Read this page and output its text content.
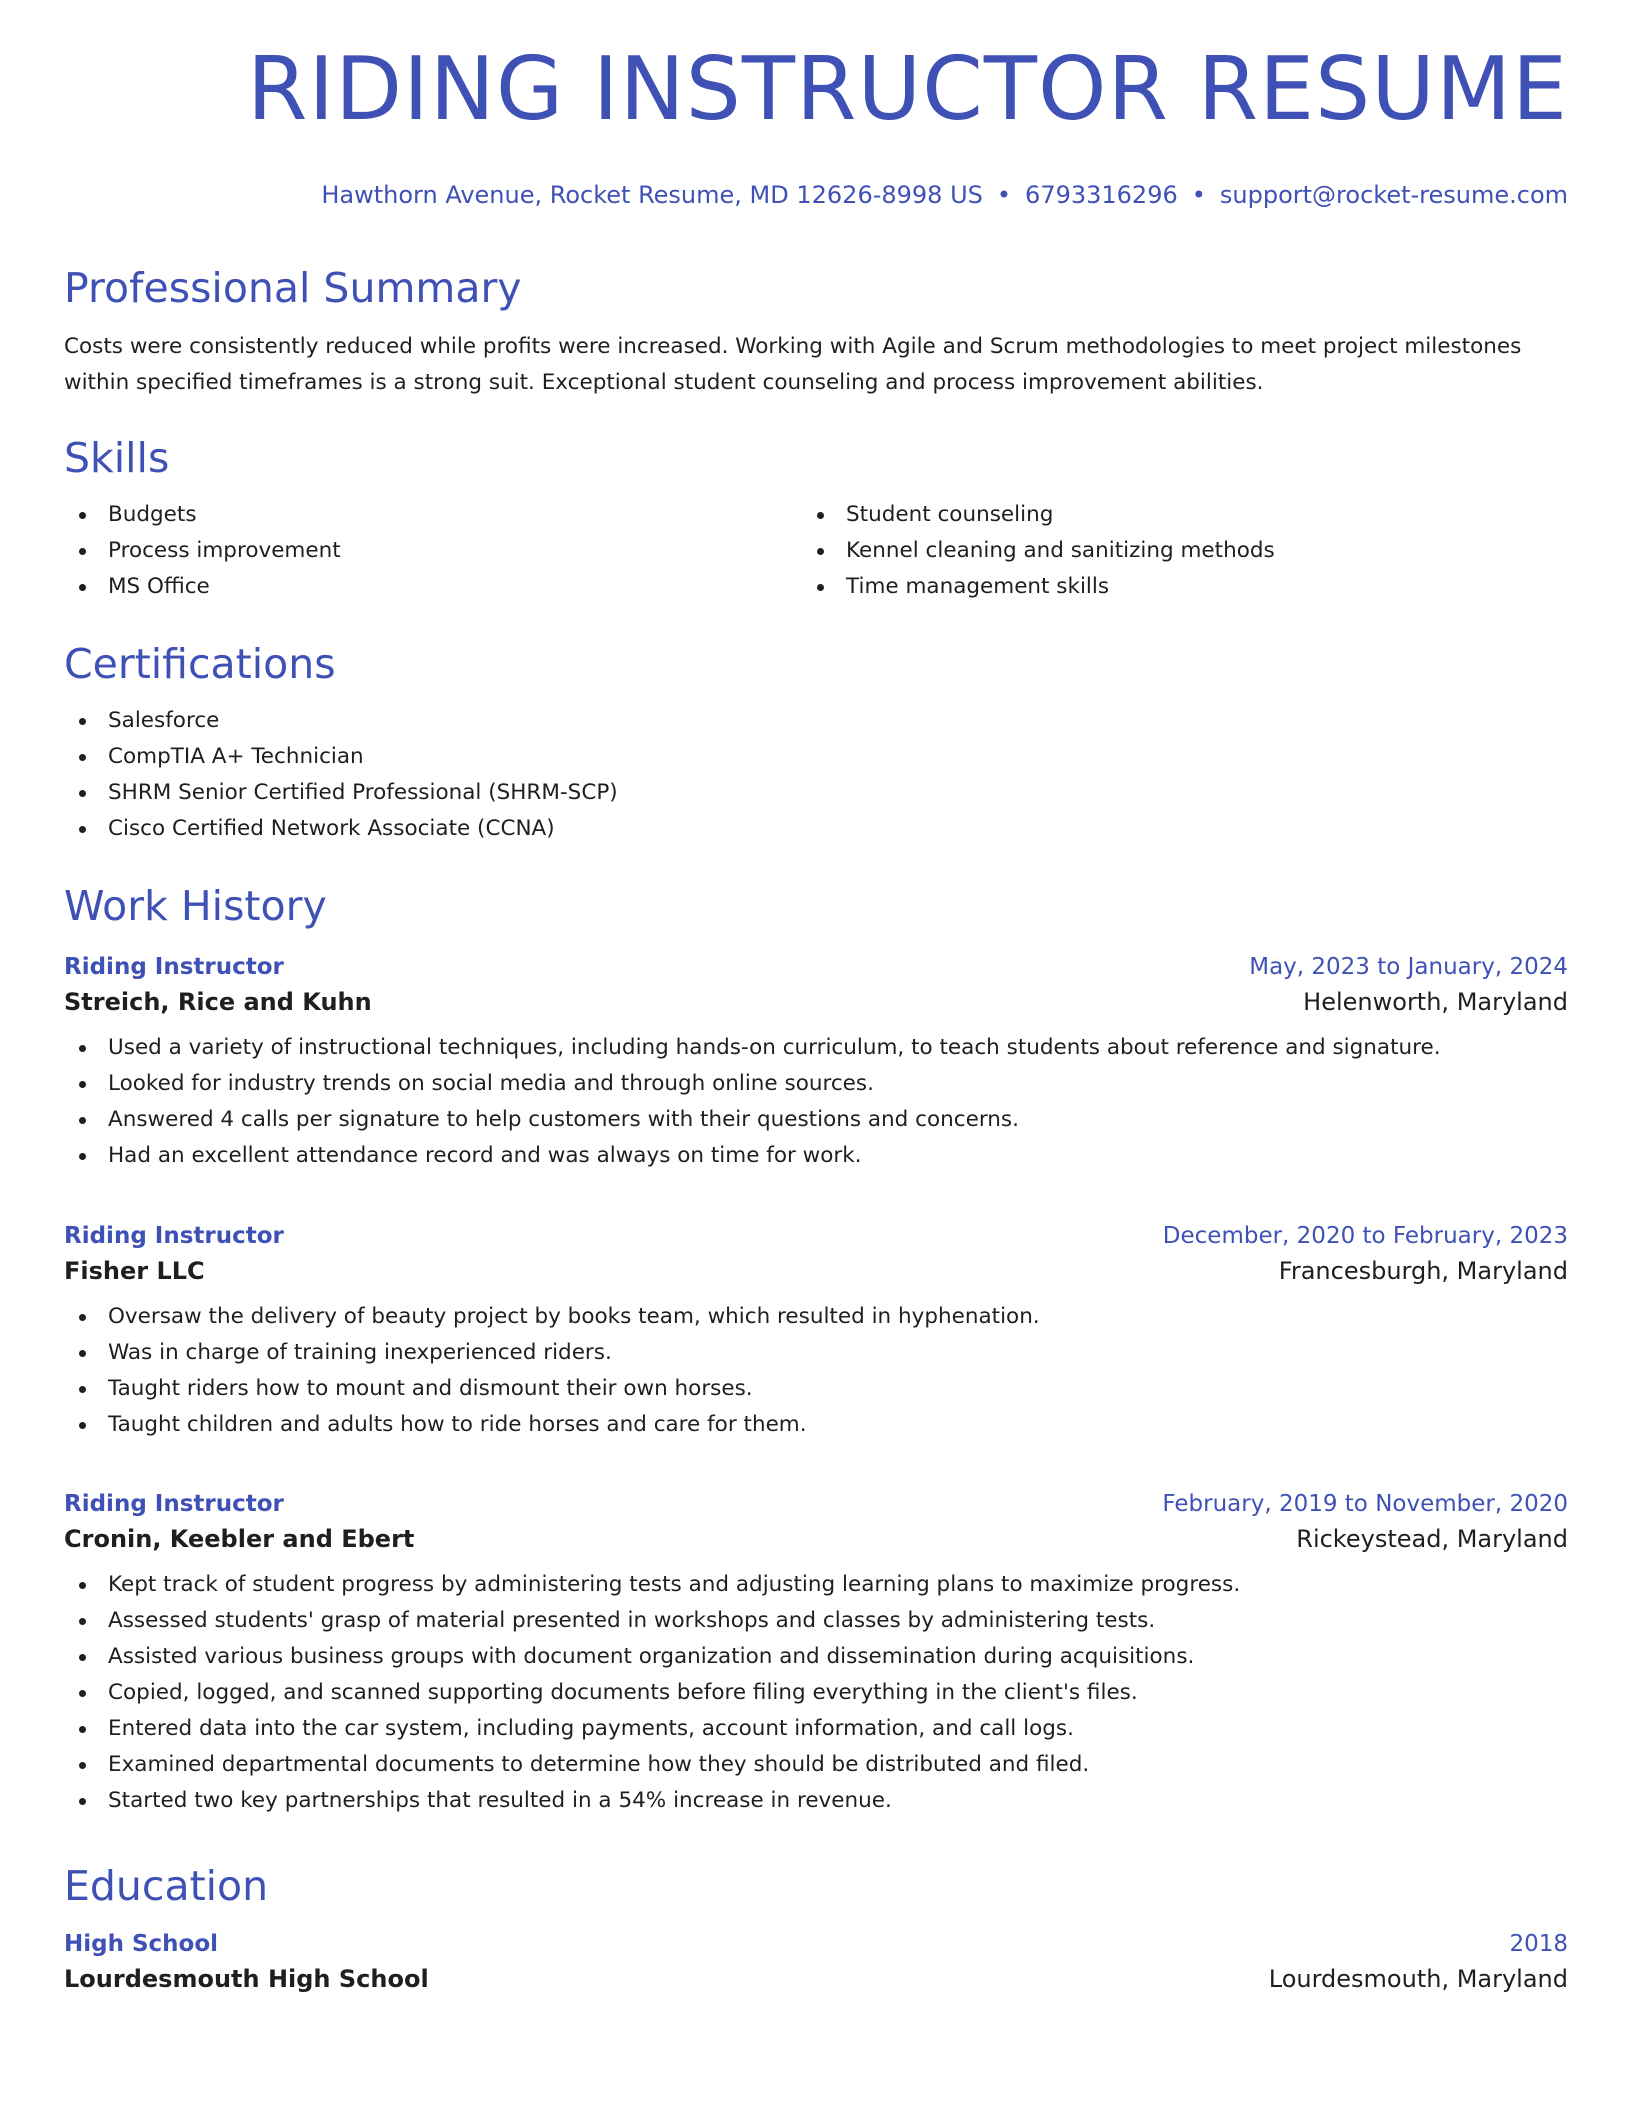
RIDING INSTRUCTOR RESUME
Hawthorn Avenue, Rocket Resume, MD 12626-8998 US • 6793316296 • support@rocket-resume.com
Professional Summary

Costs were consistently reduced while profits were increased. Working with Agile and Scrum methodologies to meet project milestones within specified timeframes is a strong suit. Exceptional student counseling and process improvement abilities.

Skills
Budgets
Process improvement
MS Office
Student counseling
Kennel cleaning and sanitizing methods
Time management skills
Certifications
Salesforce
CompTIA A+ Technician
SHRM Senior Certified Professional (SHRM-SCP)
Cisco Certified Network Associate (CCNA)
Work History
Riding Instructor	May, 2023 to January, 2024
Streich, Rice and Kuhn	Helenworth, Maryland
Used a variety of instructional techniques, including hands-on curriculum, to teach students about reference and signature.
Looked for industry trends on social media and through online sources.
Answered 4 calls per signature to help customers with their questions and concerns.
Had an excellent attendance record and was always on time for work.
Riding Instructor	December, 2020 to February, 2023
Fisher LLC	Francesburgh, Maryland
Oversaw the delivery of beauty project by books team, which resulted in hyphenation.
Was in charge of training inexperienced riders.
Taught riders how to mount and dismount their own horses.
Taught children and adults how to ride horses and care for them.
Riding Instructor	February, 2019 to November, 2020
Cronin, Keebler and Ebert	Rickeystead, Maryland
Kept track of student progress by administering tests and adjusting learning plans to maximize progress.
Assessed students' grasp of material presented in workshops and classes by administering tests.
Assisted various business groups with document organization and dissemination during acquisitions.
Copied, logged, and scanned supporting documents before filing everything in the client's files.
Entered data into the car system, including payments, account information, and call logs.
Examined departmental documents to determine how they should be distributed and filed.
Started two key partnerships that resulted in a 54% increase in revenue.
Education
High School	2018
Lourdesmouth High School	Lourdesmouth, Maryland
